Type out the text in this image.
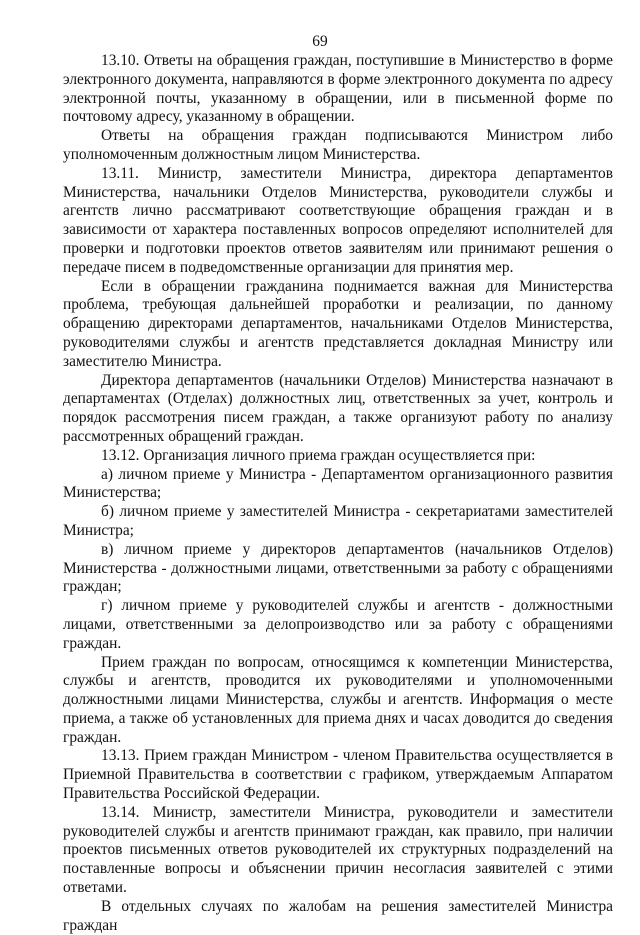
69

13.10. Ответы на обращения граждан, поступившие в Министерство в форме электронного документа, направляются в форме электронного документа по адресу электронной почты, указанному в обращении, или в письменной форме по почтовому адресу, указанному в обращении.

Ответы на обращения граждан подписываются Министром либо уполномоченным должностным лицом Министерства.

13.11. Министр, заместители Министра, директора департаментов Министерства, начальники Отделов Министерства, руководители службы и агентств лично рассматривают соответствующие обращения граждан и в зависимости от характера поставленных вопросов определяют исполнителей для проверки и подготовки проектов ответов заявителям или принимают решения о передаче писем в подведомственные организации для принятия мер.

Если в обращении гражданина поднимается важная для Министерства проблема, требующая дальнейшей проработки и реализации, по данному обращению директорами департаментов, начальниками Отделов Министерства, руководителями службы и агентств представляется докладная Министру или заместителю Министра.

Директора департаментов (начальники Отделов) Министерства назначают в департаментах (Отделах) должностных лиц, ответственных за учет, контроль и порядок рассмотрения писем граждан, а также организуют работу по анализу рассмотренных обращений граждан.

13.12. Организация личного приема граждан осуществляется при:

а) личном приеме у Министра - Департаментом организационного развития Министерства;

б) личном приеме у заместителей Министра - секретариатами заместителей Министра;

в) личном приеме у директоров департаментов (начальников Отделов) Министерства - должностными лицами, ответственными за работу с обращениями граждан;

г) личном приеме у руководителей службы и агентств - должностными лицами, ответственными за делопроизводство или за работу с обращениями граждан.

Прием граждан по вопросам, относящимся к компетенции Министерства, службы и агентств, проводится их руководителями и уполномоченными должностными лицами Министерства, службы и агентств. Информация о месте приема, а также об установленных для приема днях и часах доводится до сведения граждан.

13.13. Прием граждан Министром - членом Правительства осуществляется в Приемной Правительства в соответствии с графиком, утверждаемым Аппаратом Правительства Российской Федерации.

13.14. Министр, заместители Министра, руководители и заместители руководителей службы и агентств принимают граждан, как правило, при наличии проектов письменных ответов руководителей их структурных подразделений на поставленные вопросы и объяснении причин несогласия заявителей с этими ответами.

В отдельных случаях по жалобам на решения заместителей Министра граждан
